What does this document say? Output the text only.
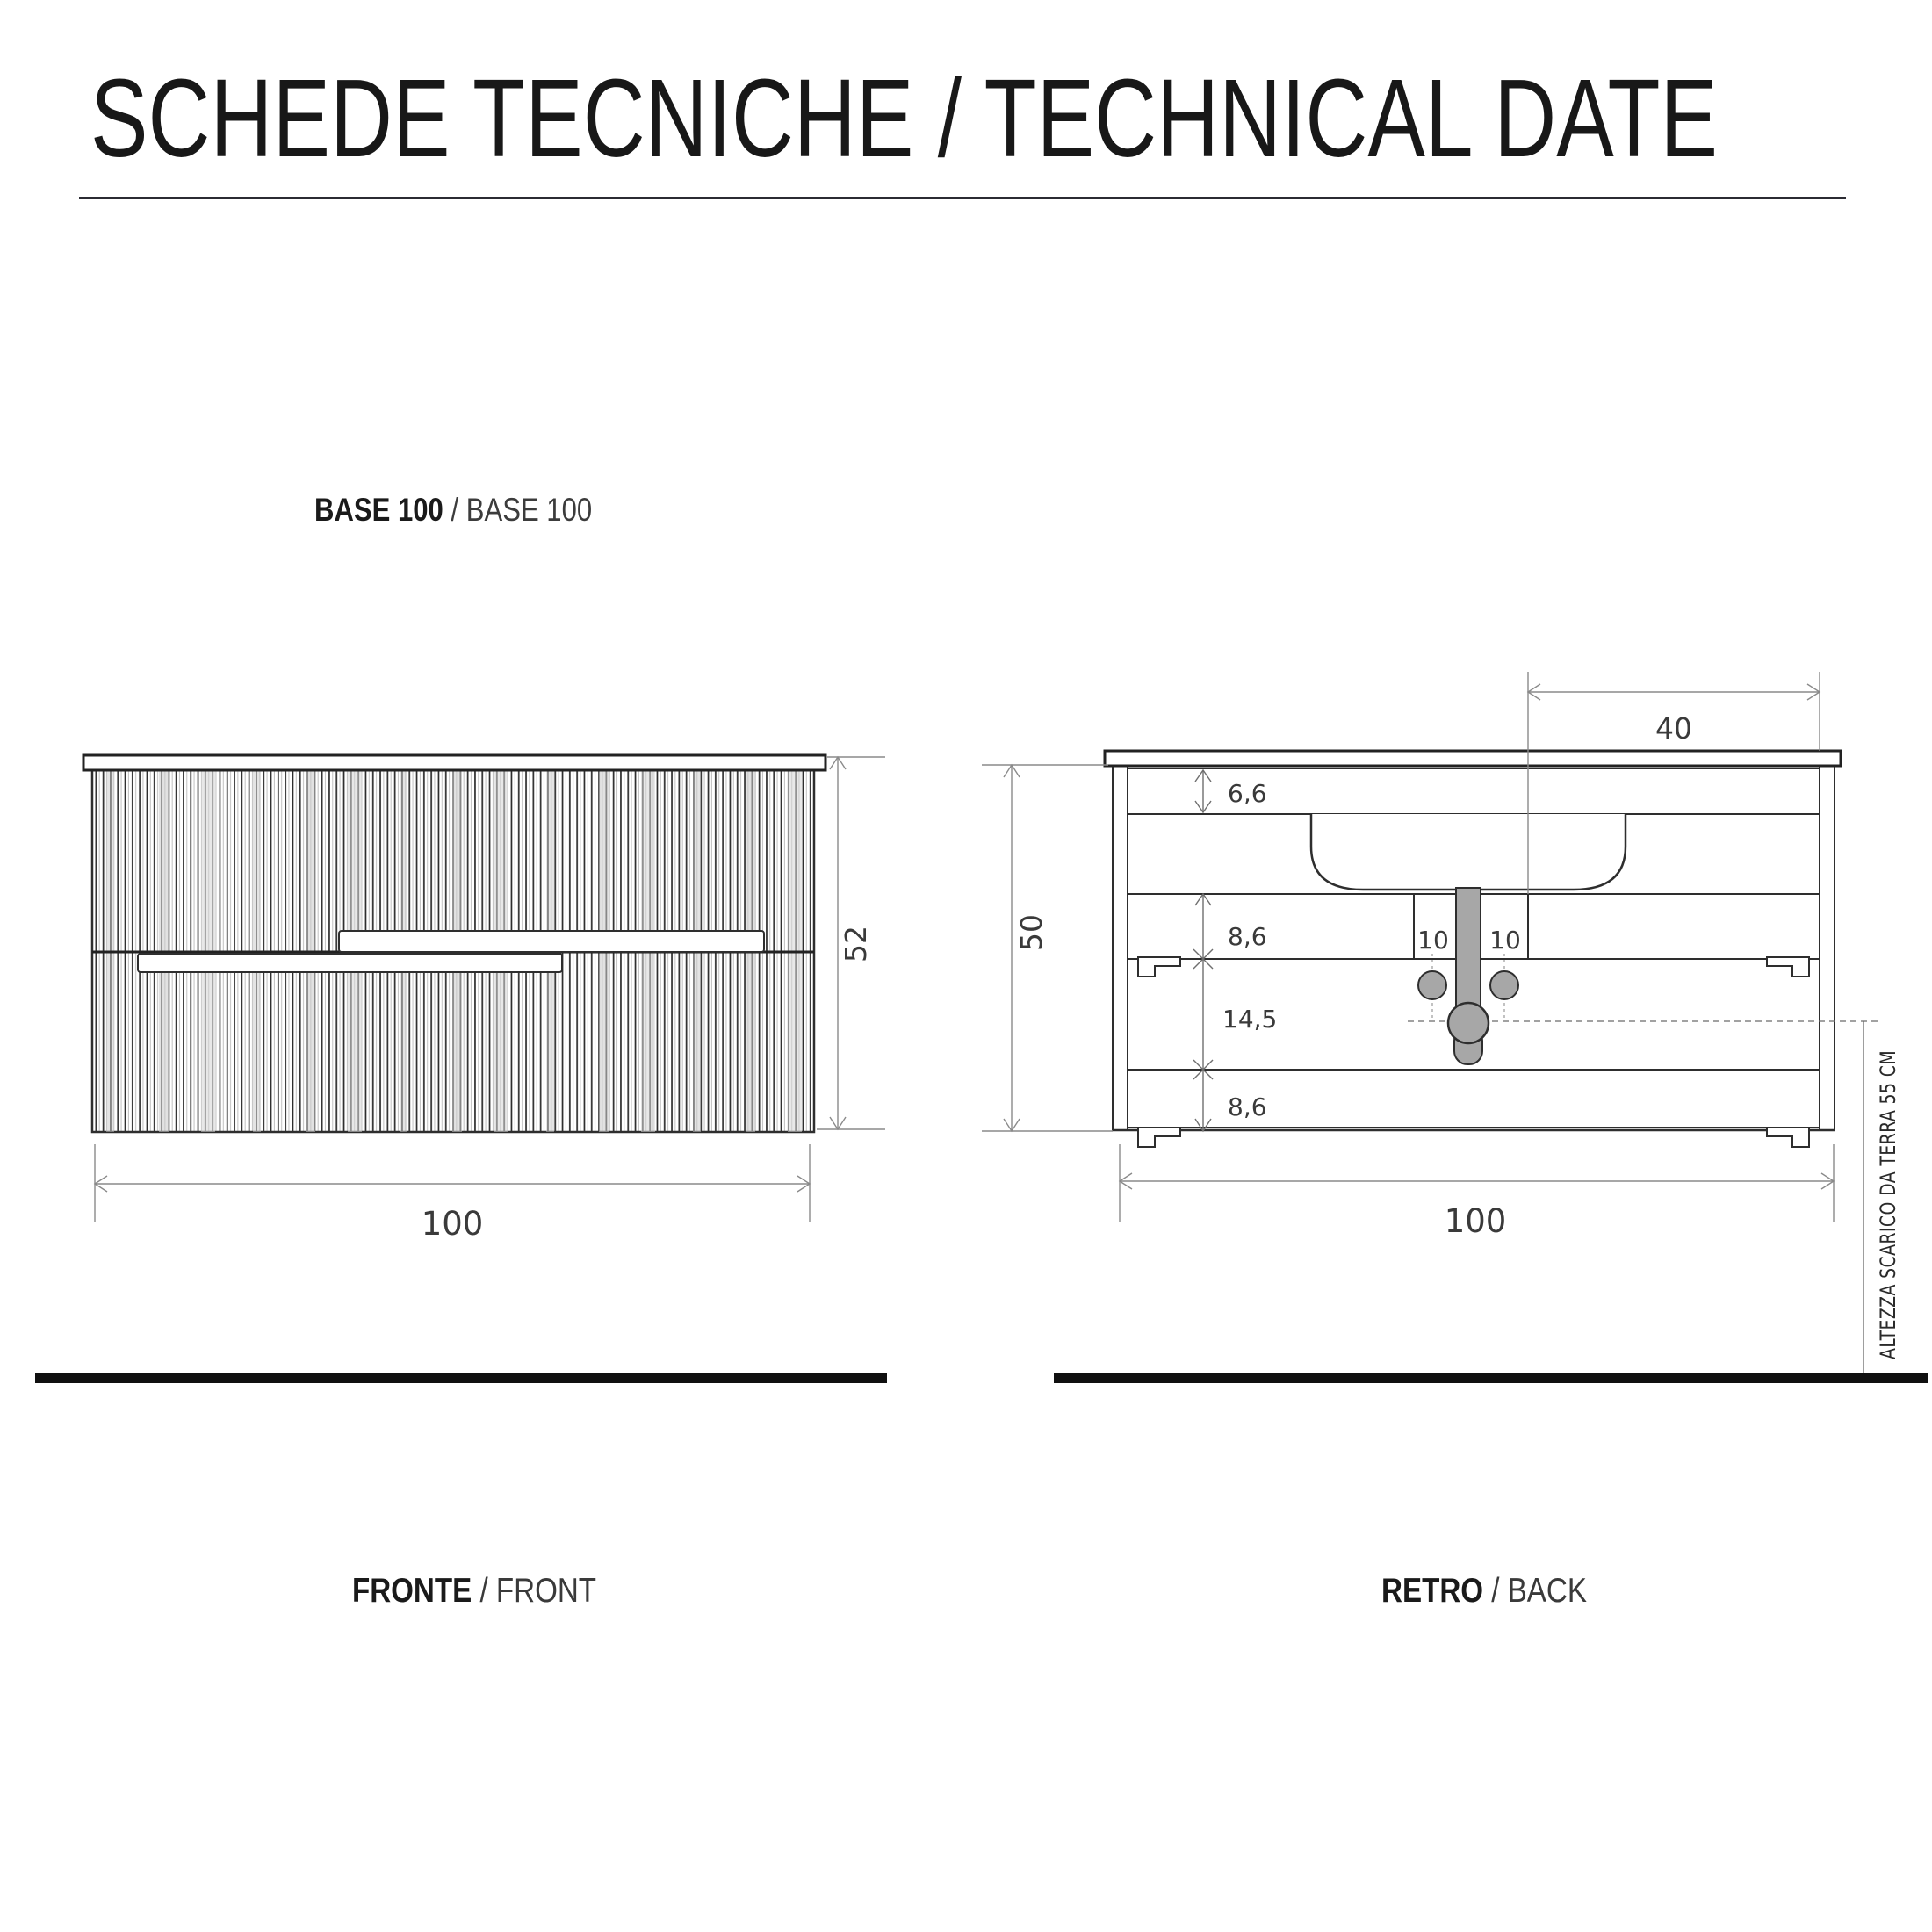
SCHEDE TECNICHE / TECHNICAL DATE
BASE 100 / BASE 100
52
100
40
50
6,6
8,6
14,5
8,6
10 10
100	ALTEZZA SCARICO DA TERRA 55 CM
FRONTE / FRONT	RETRO / BACK
